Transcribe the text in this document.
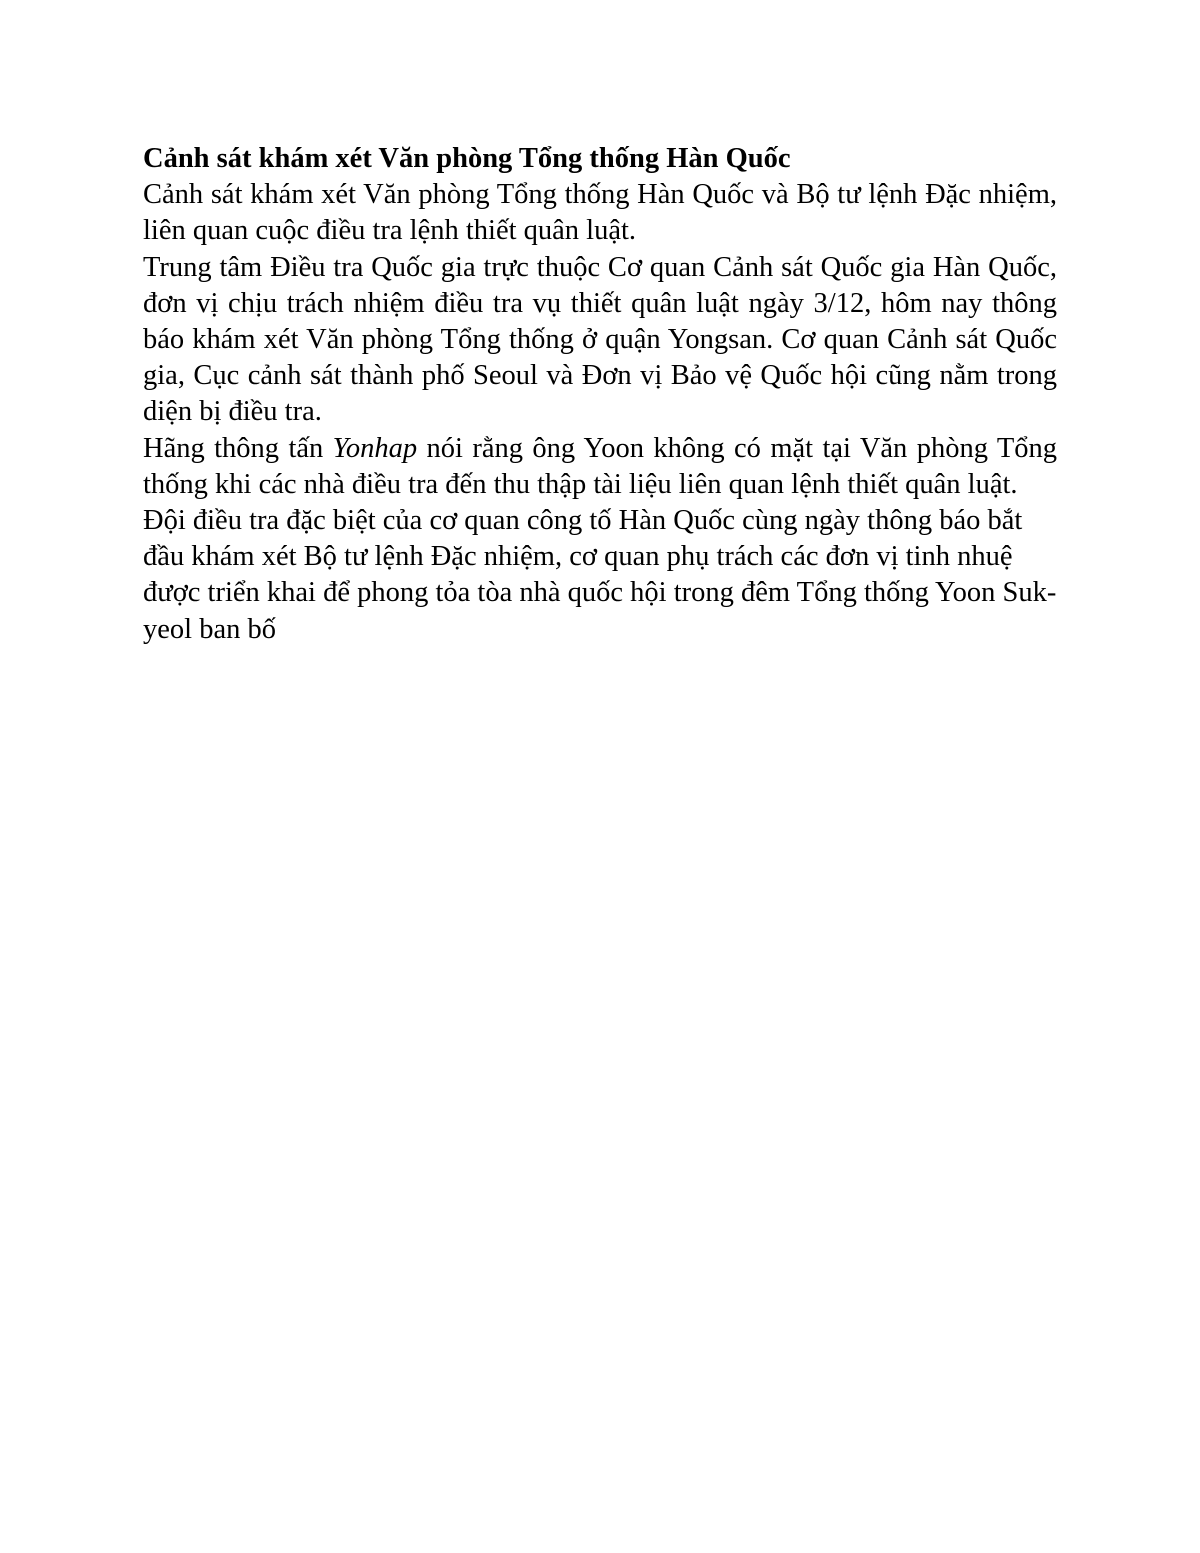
Cảnh sát khám xét Văn phòng Tổng thống Hàn Quốc

Cảnh sát khám xét Văn phòng Tổng thống Hàn Quốc và Bộ tư lệnh Đặc nhiệm, liên quan cuộc điều tra lệnh thiết quân luật.

Trung tâm Điều tra Quốc gia trực thuộc Cơ quan Cảnh sát Quốc gia Hàn Quốc, đơn vị chịu trách nhiệm điều tra vụ thiết quân luật ngày 3/12, hôm nay thông báo khám xét Văn phòng Tổng thống ở quận Yongsan. Cơ quan Cảnh sát Quốc gia, Cục cảnh sát thành phố Seoul và Đơn vị Bảo vệ Quốc hội cũng nằm trong diện bị điều tra.

Hãng thông tấn Yonhap nói rằng ông Yoon không có mặt tại Văn phòng Tổng thống khi các nhà điều tra đến thu thập tài liệu liên quan lệnh thiết quân luật.

Đội điều tra đặc biệt của cơ quan công tố Hàn Quốc cùng ngày thông báo bắt đầu khám xét Bộ tư lệnh Đặc nhiệm, cơ quan phụ trách các đơn vị tinh nhuệ được triển khai để phong tỏa tòa nhà quốc hội trong đêm Tổng thống Yoon Suk-yeol ban bố
